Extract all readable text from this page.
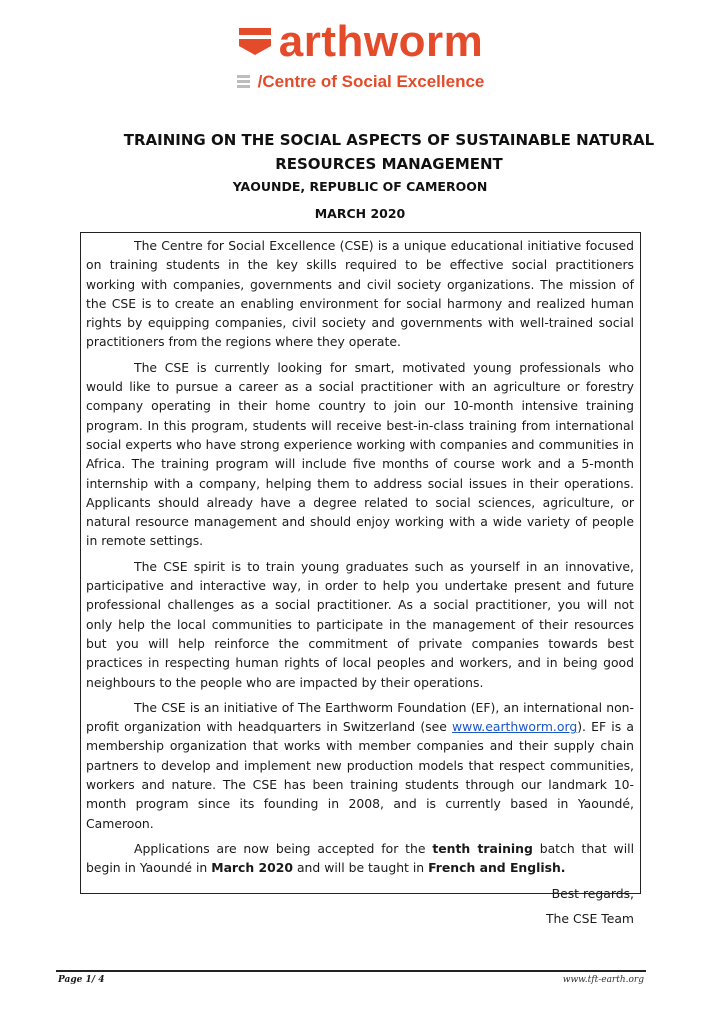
arthworm
/Centre of Social Excellence
TRAINING ON THE SOCIAL ASPECTS OF SUSTAINABLE NATURAL RESOURCES MANAGEMENT
YAOUNDE, REPUBLIC OF CAMEROON
MARCH 2020

The Centre for Social Excellence (CSE) is a unique educational initiative focused on training students in the key skills required to be effective social practitioners working with companies, governments and civil society organizations. The mission of the CSE is to create an enabling environment for social harmony and realized human rights by equipping companies, civil society and governments with well-trained social practitioners from the regions where they operate.

The CSE is currently looking for smart, motivated young professionals who would like to pursue a career as a social practitioner with an agriculture or forestry company operating in their home country to join our 10-month intensive training program. In this program, students will receive best-in-class training from international social experts who have strong experience working with companies and communities in Africa. The training program will include five months of course work and a 5-month internship with a company, helping them to address social issues in their operations. Applicants should already have a degree related to social sciences, agriculture, or natural resource management and should enjoy working with a wide variety of people in remote settings.

The CSE spirit is to train young graduates such as yourself in an innovative, participative and interactive way, in order to help you undertake present and future professional challenges as a social practitioner. As a social practitioner, you will not only help the local communities to participate in the management of their resources but you will help reinforce the commitment of private companies towards best practices in respecting human rights of local peoples and workers, and in being good neighbours to the people who are impacted by their operations.

The CSE is an initiative of The Earthworm Foundation (EF), an international non-profit organization with headquarters in Switzerland (see www.earthworm.org). EF is a membership organization that works with member companies and their supply chain partners to develop and implement new production models that respect communities, workers and nature. The CSE has been training students through our landmark 10-month program since its founding in 2008, and is currently based in Yaoundé, Cameroon.

Applications are now being accepted for the tenth training batch that will begin in Yaoundé in March 2020 and will be taught in French and English.

Best regards,

The CSE Team

Page 1/ 4	www.tft-earth.org
